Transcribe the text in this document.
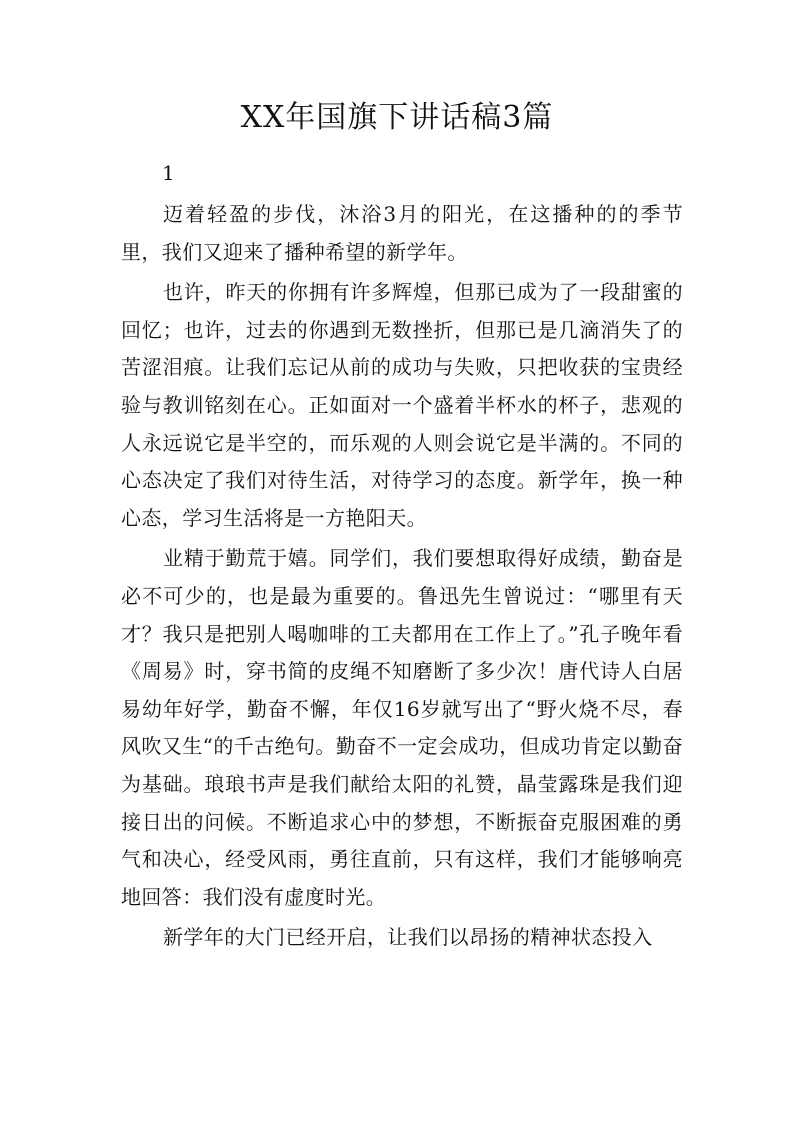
XX年国旗下讲话稿3篇
1

迈着轻盈的步伐，沐浴3月的阳光，在这播种的的季节里，我们又迎来了播种希望的新学年。

也许，昨天的你拥有许多辉煌，但那已成为了一段甜蜜的回忆；也许，过去的你遇到无数挫折，但那已是几滴消失了的苦涩泪痕。让我们忘记从前的成功与失败，只把收获的宝贵经验与教训铭刻在心。正如面对一个盛着半杯水的杯子，悲观的人永远说它是半空的，而乐观的人则会说它是半满的。不同的心态决定了我们对待生活，对待学习的态度。新学年，换一种心态，学习生活将是一方艳阳天。

业精于勤荒于嬉。同学们，我们要想取得好成绩，勤奋是必不可少的，也是最为重要的。鲁迅先生曾说过：“哪里有天才？我只是把别人喝咖啡的工夫都用在工作上了。”孔子晚年看《周易》时，穿书简的皮绳不知磨断了多少次！唐代诗人白居易幼年好学，勤奋不懈，年仅16岁就写出了“野火烧不尽，春风吹又生“的千古绝句。勤奋不一定会成功，但成功肯定以勤奋为基础。琅琅书声是我们献给太阳的礼赞，晶莹露珠是我们迎接日出的问候。不断追求心中的梦想，不断振奋克服困难的勇气和决心，经受风雨，勇往直前，只有这样，我们才能够响亮地回答：我们没有虚度时光。

新学年的大门已经开启，让我们以昂扬的精神状态投入
